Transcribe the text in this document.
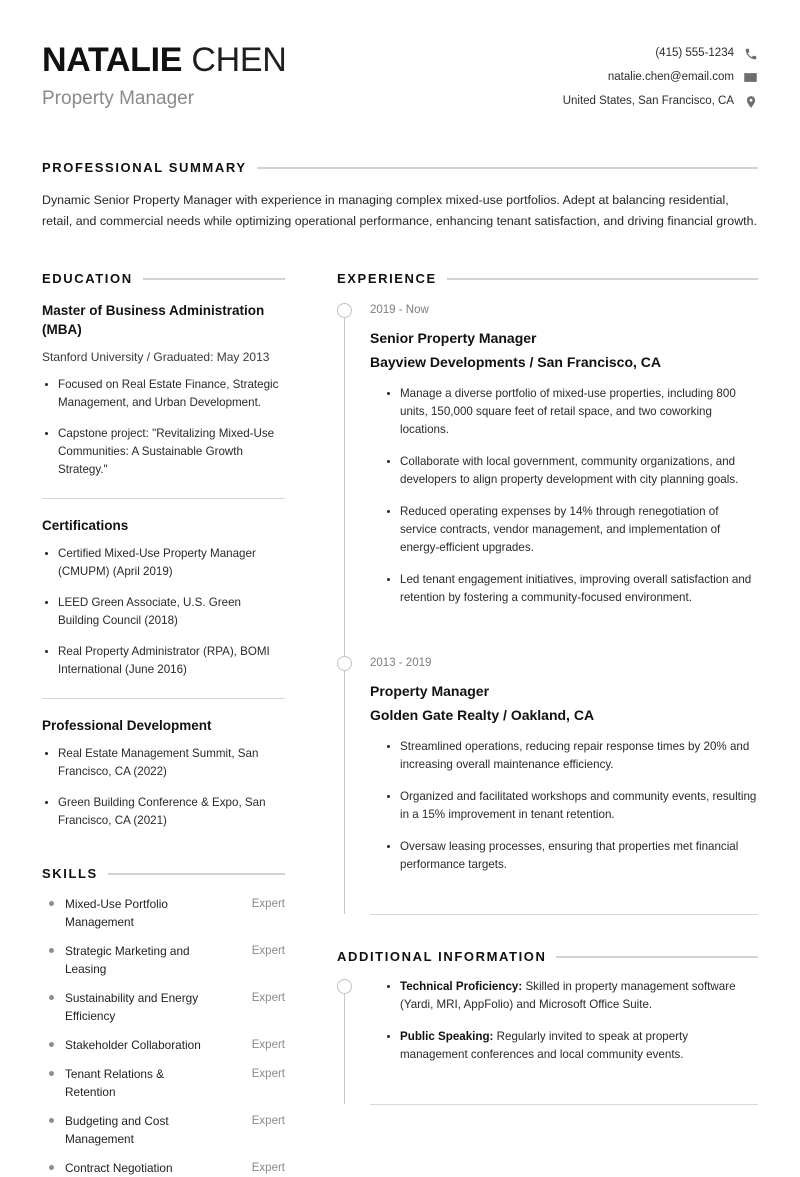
NATALIE CHEN
Property Manager
(415) 555-1234
natalie.chen@email.com
United States, San Francisco, CA
PROFESSIONAL SUMMARY
Dynamic Senior Property Manager with experience in managing complex mixed-use portfolios. Adept at balancing residential, retail, and commercial needs while optimizing operational performance, enhancing tenant satisfaction, and driving financial growth.
EDUCATION
Master of Business Administration (MBA)
Stanford University / Graduated: May 2013
Focused on Real Estate Finance, Strategic Management, and Urban Development.
Capstone project: "Revitalizing Mixed-Use Communities: A Sustainable Growth Strategy."
Certifications
Certified Mixed-Use Property Manager (CMUPM) (April 2019)
LEED Green Associate, U.S. Green Building Council (2018)
Real Property Administrator (RPA), BOMI International (June 2016)
Professional Development
Real Estate Management Summit, San Francisco, CA (2022)
Green Building Conference & Expo, San Francisco, CA (2021)
SKILLS
Mixed-Use Portfolio Management
Expert
Strategic Marketing and Leasing
Expert
Sustainability and Energy Efficiency
Expert
Stakeholder Collaboration	Expert
Tenant Relations & Retention
Expert
Budgeting and Cost Management
Expert
Contract Negotiation	Expert
EXPERIENCE
2019 - Now
Senior Property Manager
Bayview Developments / San Francisco, CA
Manage a diverse portfolio of mixed-use properties, including 800 units, 150,000 square feet of retail space, and two coworking locations.
Collaborate with local government, community organizations, and developers to align property development with city planning goals.
Reduced operating expenses by 14% through renegotiation of service contracts, vendor management, and implementation of energy-efficient upgrades.
Led tenant engagement initiatives, improving overall satisfaction and retention by fostering a community-focused environment.
2013 - 2019
Property Manager
Golden Gate Realty / Oakland, CA
Streamlined operations, reducing repair response times by 20% and increasing overall maintenance efficiency.
Organized and facilitated workshops and community events, resulting in a 15% improvement in tenant retention.
Oversaw leasing processes, ensuring that properties met financial performance targets.
ADDITIONAL INFORMATION
Technical Proficiency: Skilled in property management software (Yardi, MRI, AppFolio) and Microsoft Office Suite.
Public Speaking: Regularly invited to speak at property management conferences and local community events.
